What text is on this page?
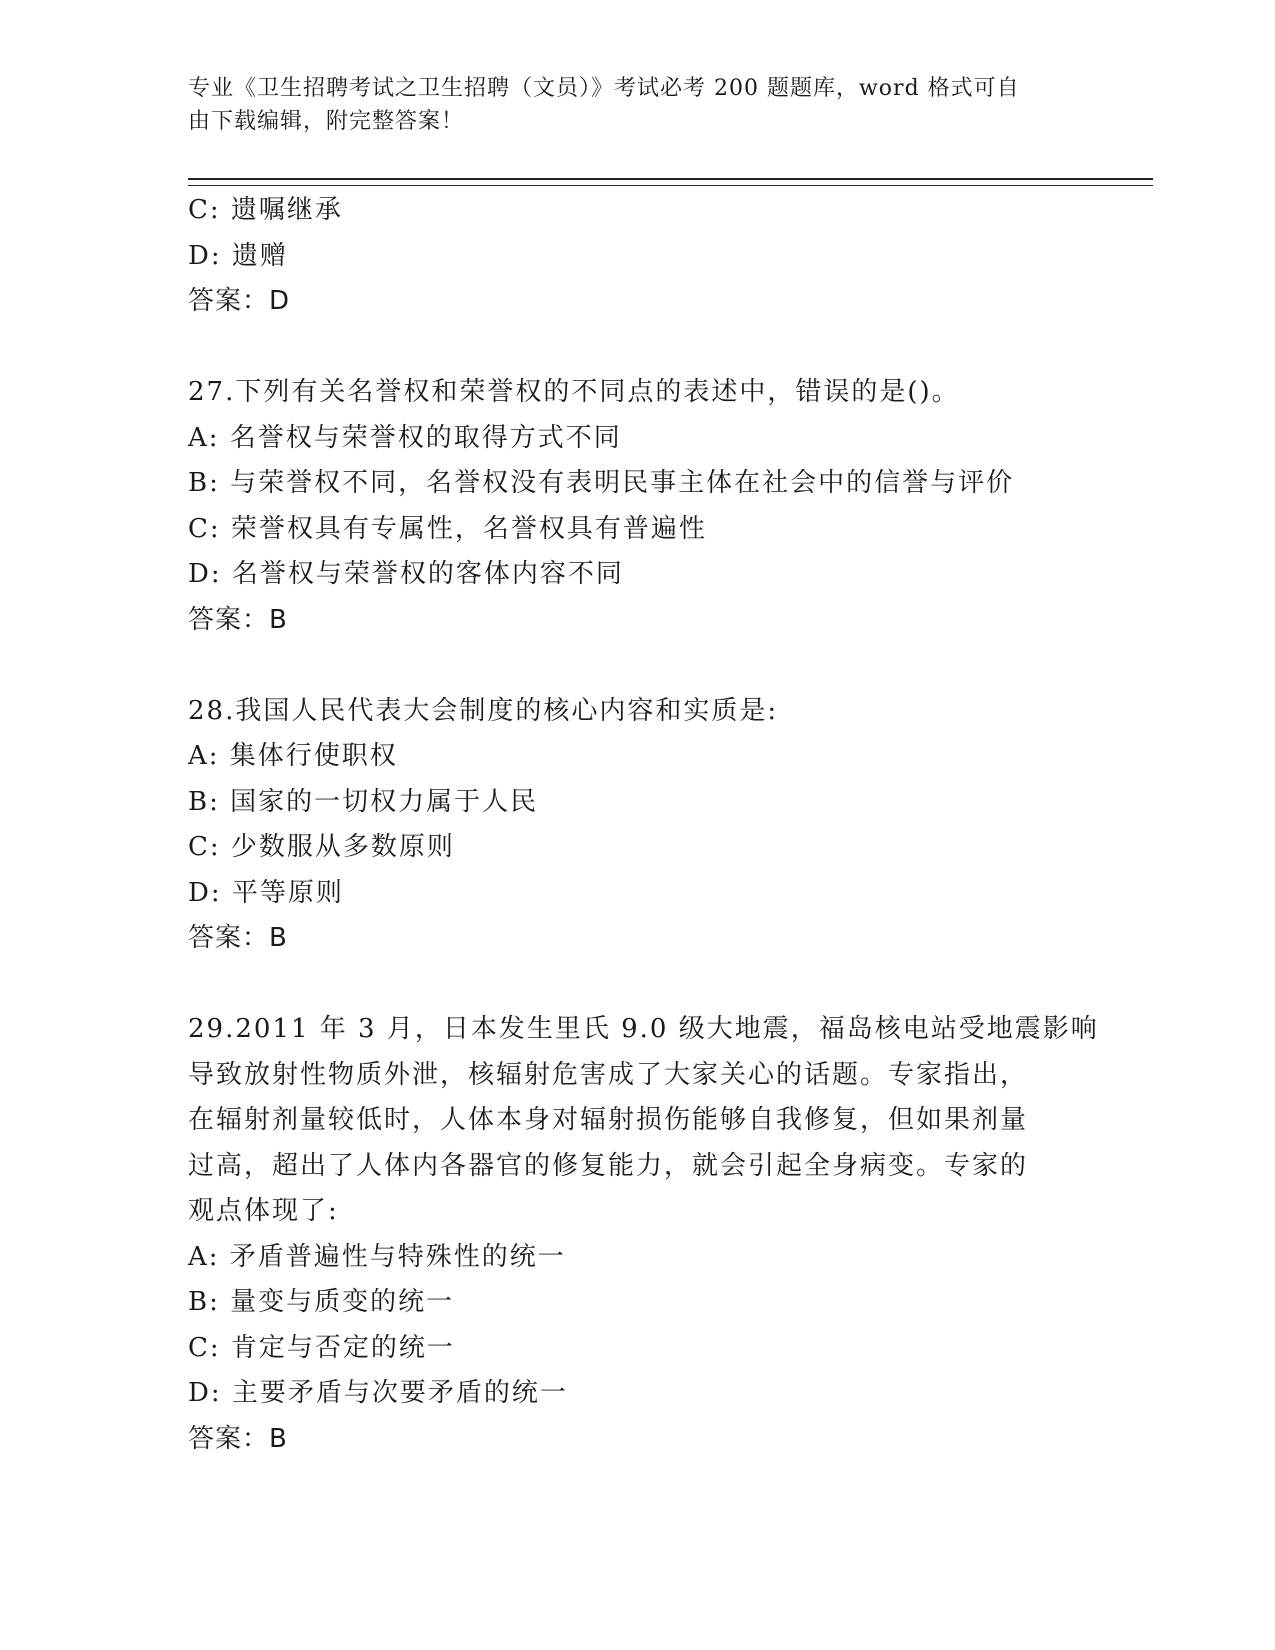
专业《卫生招聘考试之卫生招聘（文员）》考试必考 200 题题库，word 格式可自
由下载编辑，附完整答案！
C: 遗嘱继承
D: 遗赠
答案：D
27.下列有关名誉权和荣誉权的不同点的表述中，错误的是()。
A: 名誉权与荣誉权的取得方式不同
B: 与荣誉权不同，名誉权没有表明民事主体在社会中的信誉与评价
C: 荣誉权具有专属性，名誉权具有普遍性
D: 名誉权与荣誉权的客体内容不同
答案：B
28.我国人民代表大会制度的核心内容和实质是:
A: 集体行使职权
B: 国家的一切权力属于人民
C: 少数服从多数原则
D: 平等原则
答案：B
29.2011 年 3 月，日本发生里氏 9.0 级大地震，福岛核电站受地震影响
导致放射性物质外泄，核辐射危害成了大家关心的话题。专家指出，
在辐射剂量较低时，人体本身对辐射损伤能够自我修复，但如果剂量
过高，超出了人体内各器官的修复能力，就会引起全身病变。专家的
观点体现了:
A: 矛盾普遍性与特殊性的统一
B: 量变与质变的统一
C: 肯定与否定的统一
D: 主要矛盾与次要矛盾的统一
答案：B
